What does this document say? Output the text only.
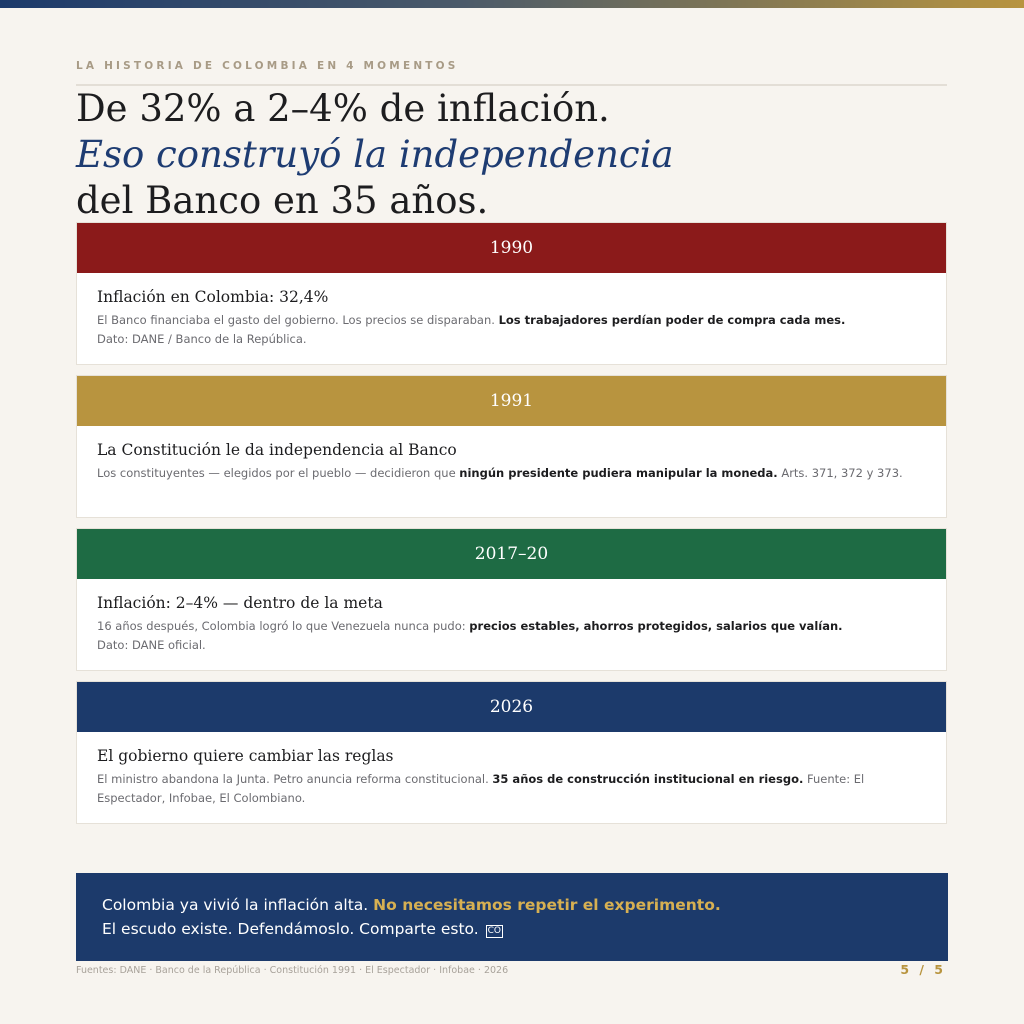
LA HISTORIA DE COLOMBIA EN 4 MOMENTOS
De 32% a 2–4% de inflación.
Eso construyó la independencia
del Banco en 35 años.
1990

Inflación en Colombia: 32,4%

El Banco financiaba el gasto del gobierno. Los precios se disparaban. Los trabajadores perdían poder de compra cada mes.
Dato: DANE / Banco de la República.

1991

La Constitución le da independencia al Banco

Los constituyentes — elegidos por el pueblo — decidieron que ningún presidente pudiera manipular la moneda. Arts. 371, 372 y 373.

2017–20

Inflación: 2–4% — dentro de la meta

16 años después, Colombia logró lo que Venezuela nunca pudo: precios estables, ahorros protegidos, salarios que valían.
Dato: DANE oficial.

2026

El gobierno quiere cambiar las reglas

El ministro abandona la Junta. Petro anuncia reforma constitucional. 35 años de construcción institucional en riesgo. Fuente: El Espectador, Infobae, El Colombiano.

Colombia ya vivió la inflación alta. No necesitamos repetir el experimento.
El escudo existe. Defendámoslo. Comparte esto. CO
Fuentes: DANE · Banco de la República · Constitución 1991 · El Espectador · Infobae · 2026	5 / 5
